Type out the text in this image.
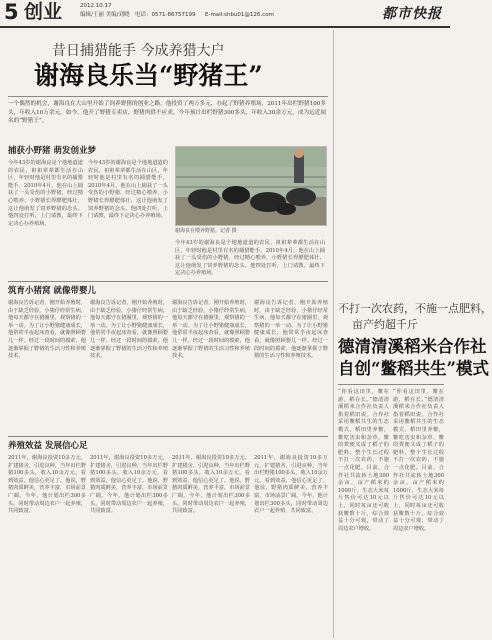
5 创业	2012.10.17
编辑/王丽 美编/刘晓 电话：0571-86757199 E-mail:shbu01@126.com	都市快报
昔日捕猎能手 今成养猎大户
谢海良乐当“野猪王”
一个偶然的机会，谢海良在大山里开始了饲养野猪的创业之路，他投资了两万多元，办起了野猪养殖场，2011年出栏野猪100多头，年收入10万余元。如今，他开了野猪专卖店，野猪肉供不应求，今年预计出栏野猪300多头，年收入30余万元，成为远近闻名的“野猪王”。
捕获小野猪 萌发创业梦
今年43岁的谢海良是个地地道道的农民，祖祖辈辈都生活在山区，年轻时他是村里有名的捕猎能手。2010年4月，他在山上捕获了一头受伤的小野猪，经过精心喂养，小野猪长得膘肥体壮，这让他萌发了饲养野猪的念头。他四处打听，上门请教，最终下定决心办养殖场。
今年43岁的谢海良是个地地道道的农民，祖祖辈辈都生活在山区，年轻时他是村里有名的捕猎能手。2010年4月，他在山上捕获了一头受伤的小野猪，经过精心喂养，小野猪长得膘肥体壮，这让他萌发了饲养野猪的念头。他四处打听，上门请教，最终下定决心办养殖场。
谢海良在喂养野猪。记者 摄
今年43岁的谢海良是个地地道道的农民，祖祖辈辈都生活在山区，年轻时他是村里有名的捕猎能手。2010年4月，他在山上捕获了一头受伤的小野猪，经过精心喂养，小野猪长得膘肥体壮，这让他萌发了饲养野猪的念头。他四处打听，上门请教，最终下定决心办养殖场。
筑育小猪窝 就像带婴儿
谢海良告诉记者，刚开始养殖时，由于缺乏经验，小猪仔经常生病，他每天都守在猪圈里，观察猪的一举一动。为了让小野猪健康成长，他常常半夜起床查看，就像照顾婴儿一样。经过一段时间的摸索，他逐渐掌握了野猪的生活习性和养殖技术。
谢海良告诉记者，刚开始养殖时，由于缺乏经验，小猪仔经常生病，他每天都守在猪圈里，观察猪的一举一动。为了让小野猪健康成长，他常常半夜起床查看，就像照顾婴儿一样。经过一段时间的摸索，他逐渐掌握了野猪的生活习性和养殖技术。
谢海良告诉记者，刚开始养殖时，由于缺乏经验，小猪仔经常生病，他每天都守在猪圈里，观察猪的一举一动。为了让小野猪健康成长，他常常半夜起床查看，就像照顾婴儿一样。经过一段时间的摸索，他逐渐掌握了野猪的生活习性和养殖技术。
谢海良告诉记者，刚开始养殖时，由于缺乏经验，小猪仔经常生病，他每天都守在猪圈里，观察猪的一举一动。为了让小野猪健康成长，他常常半夜起床查看，就像照顾婴儿一样。经过一段时间的摸索，他逐渐掌握了野猪的生活习性和养殖技术。
养殖效益 发展信心足
2011年，谢海良投资10多万元，扩建猪舍，引进良种，当年出栏野猪100多头，收入10余万元。看到效益，他信心更足了。他说，野猪肉质鲜美，营养丰富，市场前景广阔。今年，他计划出栏300多头，同时带动周边农户一起养殖，共同致富。
2011年，谢海良投资10多万元，扩建猪舍，引进良种，当年出栏野猪100多头，收入10余万元。看到效益，他信心更足了。他说，野猪肉质鲜美，营养丰富，市场前景广阔。今年，他计划出栏300多头，同时带动周边农户一起养殖，共同致富。
2011年，谢海良投资10多万元，扩建猪舍，引进良种，当年出栏野猪100多头，收入10余万元。看到效益，他信心更足了。他说，野猪肉质鲜美，营养丰富，市场前景广阔。今年，他计划出栏300多头，同时带动周边农户一起养殖，共同致富。
2011年，谢海良投资10多万元，扩建猪舍，引进良种，当年出栏野猪100多头，收入10余万元。看到效益，他信心更足了。他说，野猪肉质鲜美，营养丰富，市场前景广阔。今年，他计划出栏300多头，同时带动周边农户一起养殖，共同致富。
不打一次农药，不施一点肥料，
亩产约超千斤
德清清溪稻米合作社
自创“鳖稻共生”模式
“你看这田里，鳖在游，稻在长。”德清清溪稻米合作社负责人指着稻田说。合作社采用鳖稻共生的生态模式，稻田里养鳖，鳖吃害虫和杂草，鳖的粪便又成了稻子的肥料，整个生长过程不打一次农药、不施一点化肥。目前，合作社共流转土地300余亩，亩产稻米约1000斤，生态大米每斤售价可达10元以上，同时每亩还可收获鳖数十斤，综合效益十分可观，带动了周边农户增收。
“你看这田里，鳖在游，稻在长。”德清清溪稻米合作社负责人指着稻田说。合作社采用鳖稻共生的生态模式，稻田里养鳖，鳖吃害虫和杂草，鳖的粪便又成了稻子的肥料，整个生长过程不打一次农药、不施一点化肥。目前，合作社共流转土地300余亩，亩产稻米约1000斤，生态大米每斤售价可达10元以上，同时每亩还可收获鳖数十斤，综合效益十分可观，带动了周边农户增收。
